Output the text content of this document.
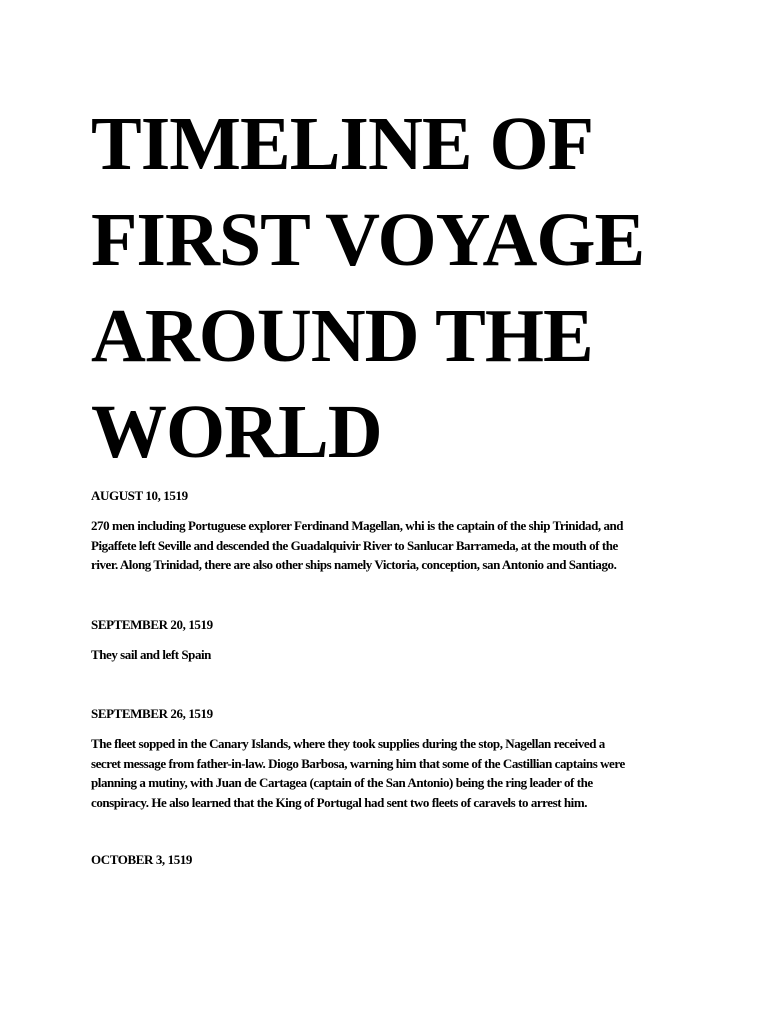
TIMELINE OF
FIRST VOYAGE
AROUND THE
WORLD

AUGUST 10, 1519

270 men including Portuguese explorer Ferdinand Magellan, whi is the captain of the ship Trinidad, and
Pigaffete left Seville and descended the Guadalquivir River to Sanlucar Barrameda, at the mouth of the
river. Along Trinidad, there are also other ships namely Victoria, conception, san Antonio and Santiago.

SEPTEMBER 20, 1519

They sail and left Spain

SEPTEMBER 26, 1519

The fleet sopped in the Canary Islands, where they took supplies during the stop, Nagellan received a
secret message from father-in-law. Diogo Barbosa, warning him that some of the Castillian captains were
planning a mutiny, with Juan de Cartagea (captain of the San Antonio) being the ring leader of the
conspiracy. He also learned that the King of Portugal had sent two fleets of caravels to arrest him.

OCTOBER 3, 1519
